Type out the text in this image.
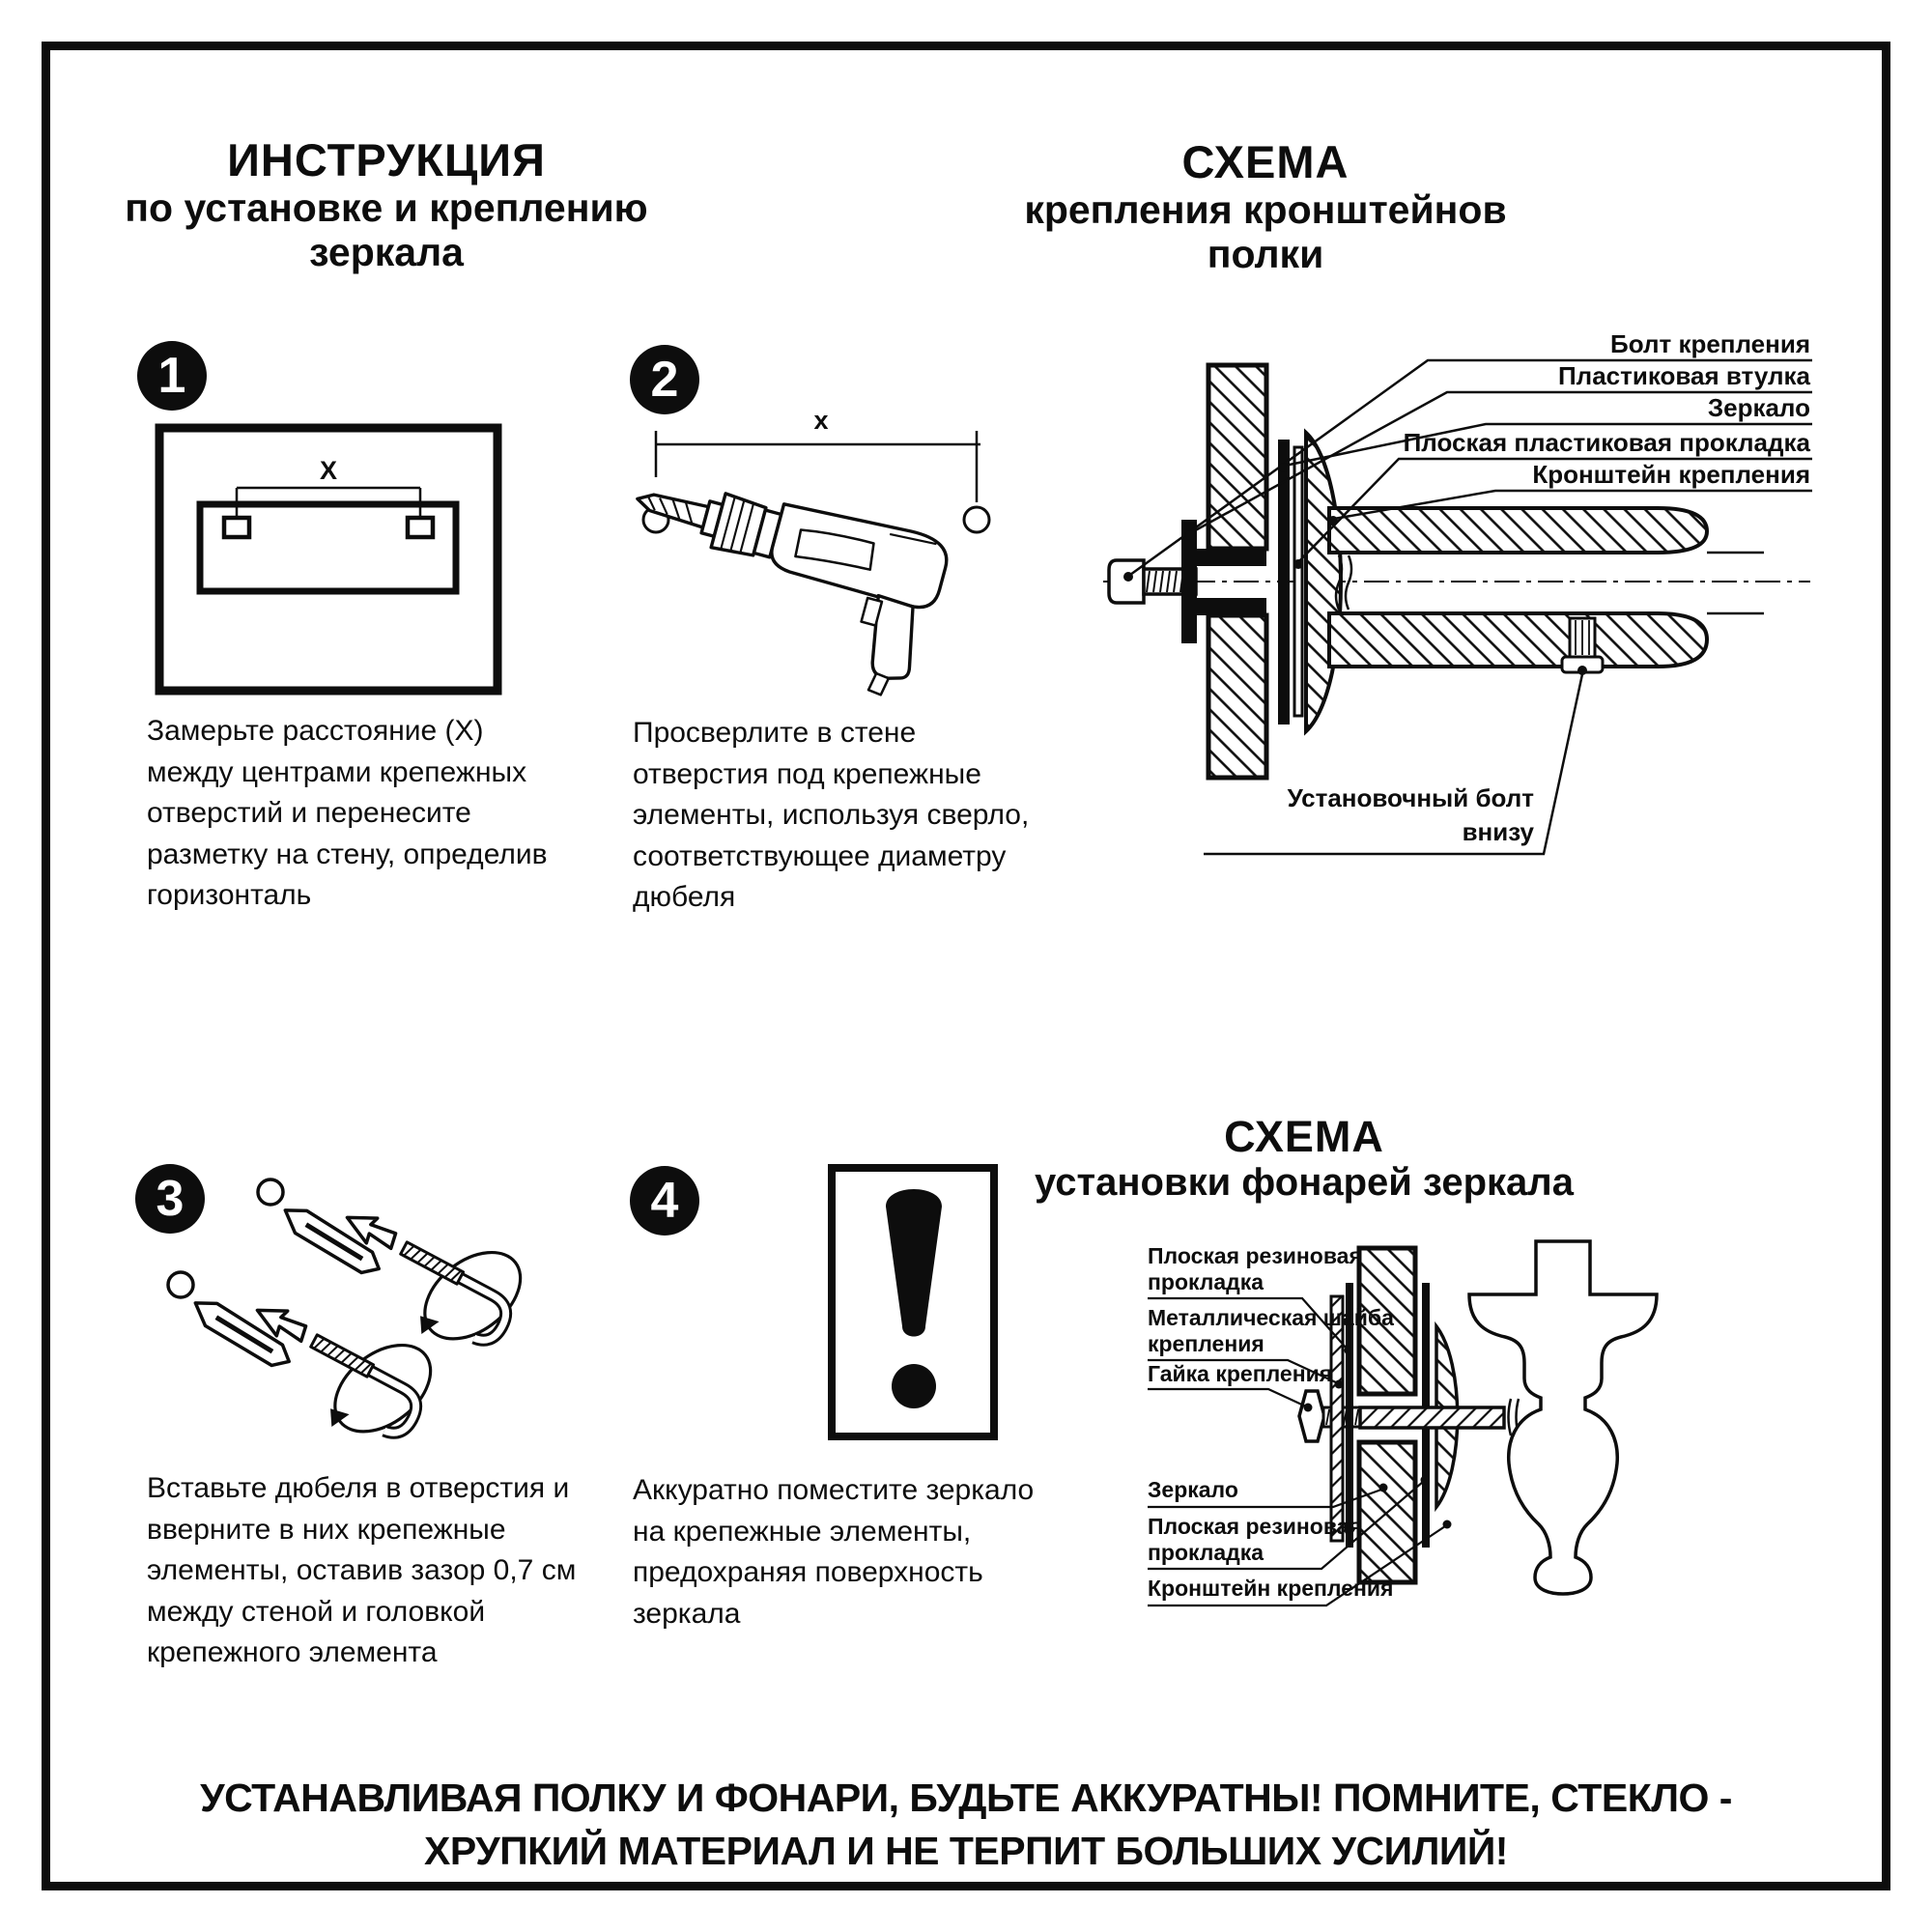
ИНСТРУКЦИЯ
по установке и креплению зеркала
СХЕМА
крепления кронштейнов полки
1	2
3	4
X
Замерьте расстояние (X) между центрами крепежных отверстий и перенесите разметку на стену, определив горизонталь
x
Просверлите в стене отверстия под крепежные элементы, используя сверло, соответствующее диаметру дюбеля
Вставьте дюбеля в отверстия и вверните в них крепежные элементы, оставив зазор 0,7 см между стеной и головкой крепежного элемента
Аккуратно поместите зеркало на крепежные элементы, предохраняя поверхность зеркала
Болт крепления
Пластиковая втулка
Зеркало
Плоская пластиковая прокладка
Кронштейн крепления
Установочный болт
внизу
СХЕМА
установки фонарей зеркала
Плоская резиновая
прокладка
Металлическая шайба
крепления
Гайка крепления
Зеркало
Плоская резиновая
прокладка
Кронштейн крепления
УСТАНАВЛИВАЯ ПОЛКУ И ФОНАРИ, БУДЬТЕ АККУРАТНЫ! ПОМНИТЕ, СТЕКЛО -
ХРУПКИЙ МАТЕРИАЛ И НЕ ТЕРПИТ БОЛЬШИХ УСИЛИЙ!
